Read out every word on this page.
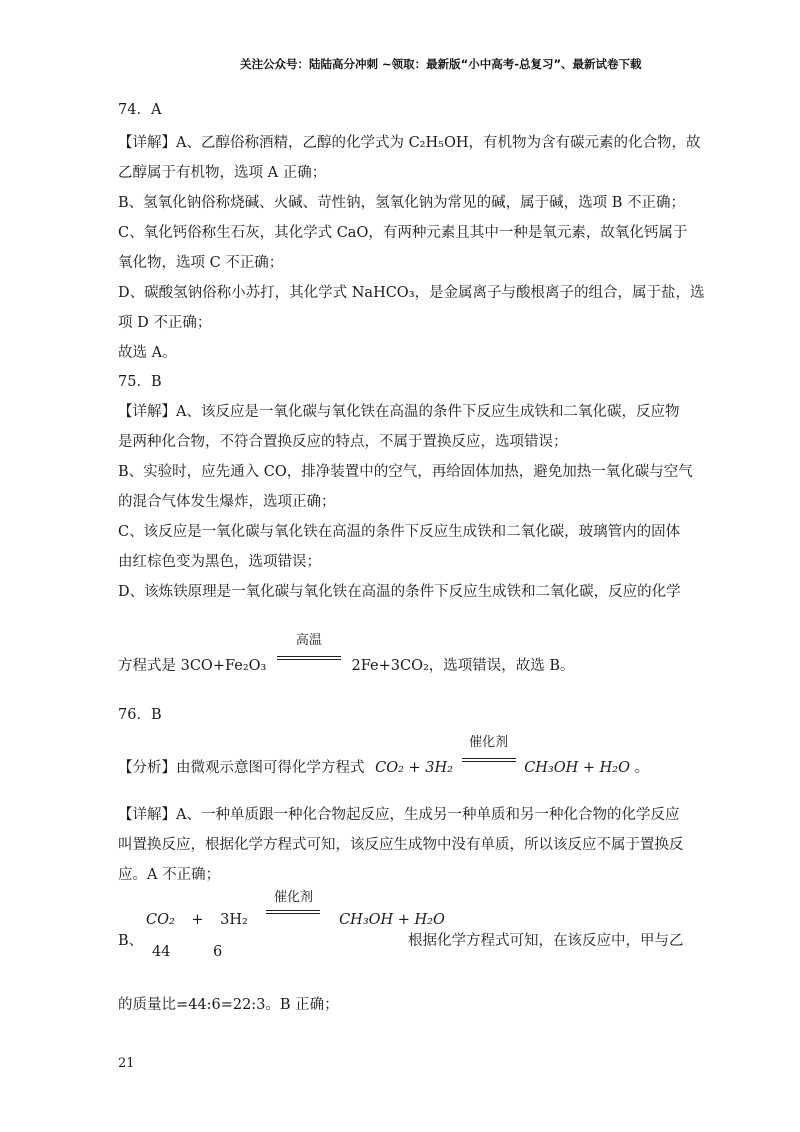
关注公众号：陆陆高分冲刺 ~领取：最新版“小中高考-总复习”、最新试卷下载
74．A
【详解】A、乙醇俗称酒精，乙醇的化学式为 C₂H₅OH，有机物为含有碳元素的化合物，故
乙醇属于有机物，选项 A 正确；
B、氢氧化钠俗称烧碱、火碱、苛性钠，氢氧化钠为常见的碱，属于碱，选项 B 不正确；
C、氧化钙俗称生石灰，其化学式 CaO，有两种元素且其中一种是氧元素，故氧化钙属于
氧化物，选项 C 不正确；
D、碳酸氢钠俗称小苏打，其化学式 NaHCO₃，是金属离子与酸根离子的组合，属于盐，选
项 D 不正确；
故选 A。
75．B
【详解】A、该反应是一氧化碳与氧化铁在高温的条件下反应生成铁和二氧化碳，反应物
是两种化合物，不符合置换反应的特点，不属于置换反应，选项错误；
B、实验时，应先通入 CO，排净装置中的空气，再给固体加热，避免加热一氧化碳与空气
的混合气体发生爆炸，选项正确；
C、该反应是一氧化碳与氧化铁在高温的条件下反应生成铁和二氧化碳，玻璃管内的固体
由红棕色变为黑色，选项错误；
D、该炼铁原理是一氧化碳与氧化铁在高温的条件下反应生成铁和二氧化碳，反应的化学
方程式是 3CO+Fe₂O₃
高温
2Fe+3CO₂，选项错误，故选 B。
76．B
【分析】由微观示意图可得化学方程式 CO₂ + 3H₂
催化剂
CH₃OH + H₂O 。
【详解】A、一种单质跟一种化合物起反应，生成另一种单质和另一种化合物的化学反应
叫置换反应，根据化学方程式可知，该反应生成物中没有单质，所以该反应不属于置换反
应。A 不正确；
CO₂ + 3H₂
催化剂
CH₃OH + H₂O
B、
44	6
根据化学方程式可知，在该反应中，甲与乙
的质量比=44:6=22:3。B 正确；
21
